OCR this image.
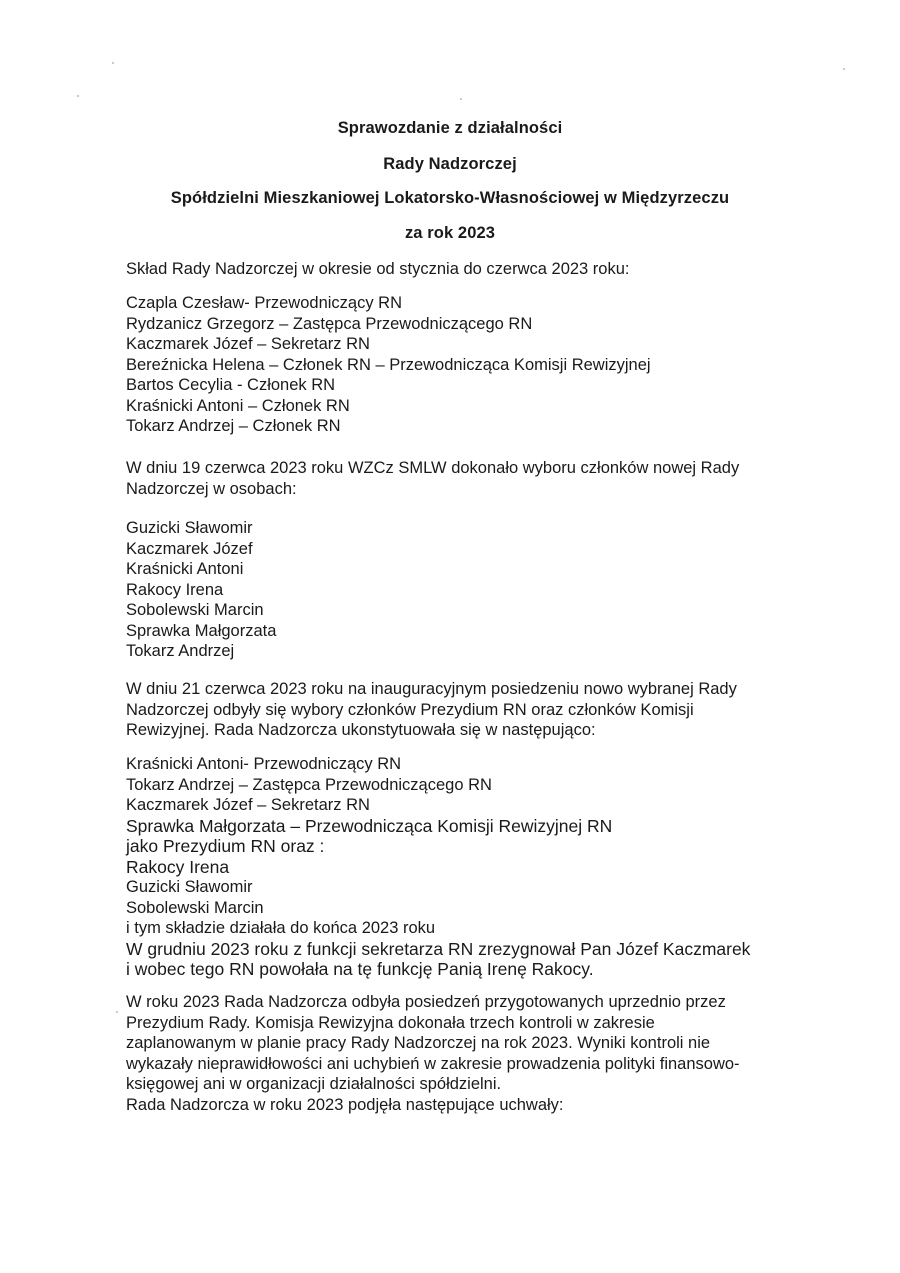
Sprawozdanie z działalności
Rady Nadzorczej
Spółdzielni Mieszkaniowej Lokatorsko-Własnościowej w Międzyrzeczu
za rok 2023
Skład Rady Nadzorczej w okresie od stycznia do czerwca 2023 roku:
Czapla Czesław- Przewodniczący RN
Rydzanicz Grzegorz – Zastępca Przewodniczącego RN
Kaczmarek Józef – Sekretarz RN
Bereźnicka Helena – Członek RN – Przewodnicząca Komisji Rewizyjnej
Bartos Cecylia - Członek RN
Kraśnicki Antoni – Członek RN
Tokarz Andrzej – Członek RN
W dniu 19 czerwca 2023 roku WZCz SMLW dokonało wyboru członków nowej Rady
Nadzorczej w osobach:
Guzicki Sławomir
Kaczmarek Józef
Kraśnicki Antoni
Rakocy Irena
Sobolewski Marcin
Sprawka Małgorzata
Tokarz Andrzej
W dniu 21 czerwca 2023 roku na inauguracyjnym posiedzeniu nowo wybranej Rady
Nadzorczej odbyły się wybory członków Prezydium RN oraz członków Komisji
Rewizyjnej. Rada Nadzorcza ukonstytuowała się w następująco:
Kraśnicki Antoni- Przewodniczący RN
Tokarz Andrzej – Zastępca Przewodniczącego RN
Kaczmarek Józef – Sekretarz RN
Sprawka Małgorzata – Przewodnicząca Komisji Rewizyjnej RN
jako Prezydium RN oraz :
Rakocy Irena
Guzicki Sławomir
Sobolewski Marcin
i tym składzie działała do końca 2023 roku
W grudniu 2023 roku z funkcji sekretarza RN zrezygnował Pan Józef Kaczmarek
i wobec tego RN powołała na tę funkcję Panią Irenę Rakocy.
W roku 2023 Rada Nadzorcza odbyła posiedzeń przygotowanych uprzednio przez
Prezydium Rady. Komisja Rewizyjna dokonała trzech kontroli w zakresie
zaplanowanym w planie pracy Rady Nadzorczej na rok 2023. Wyniki kontroli nie
wykazały nieprawidłowości ani uchybień w zakresie prowadzenia polityki finansowo-
księgowej ani w organizacji działalności spółdzielni.
Rada Nadzorcza w roku 2023 podjęła następujące uchwały:
